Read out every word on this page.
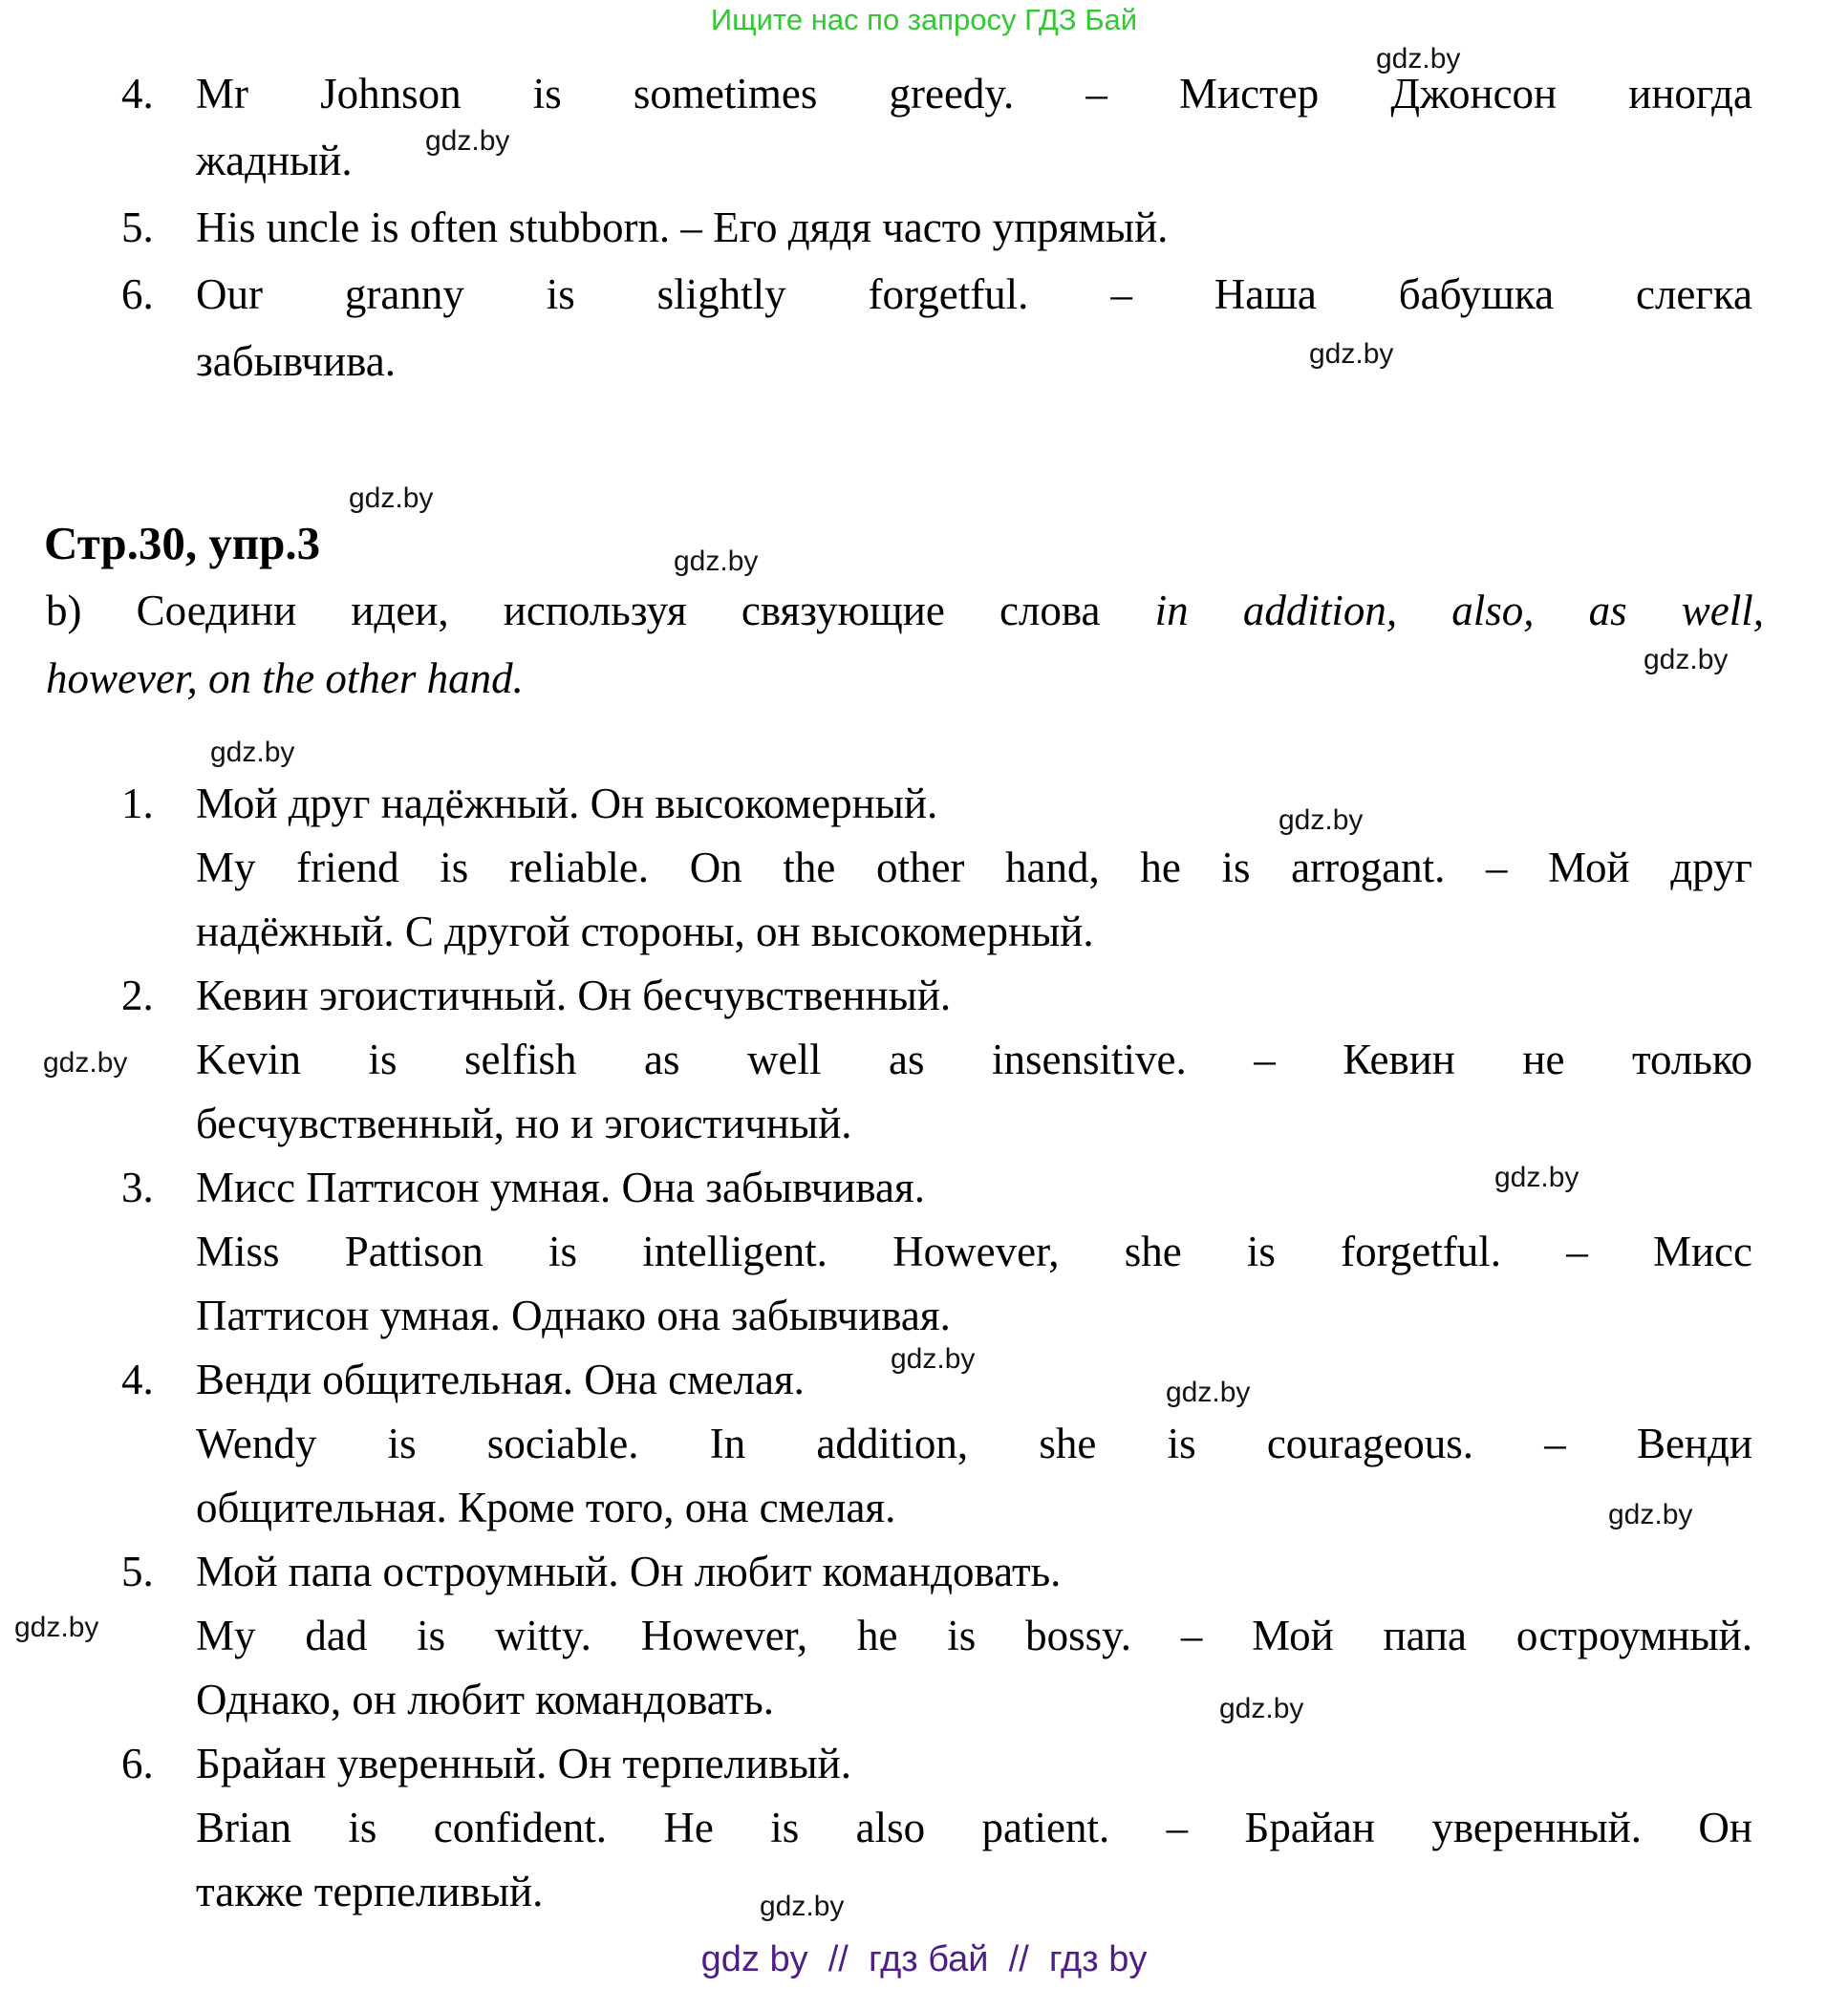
Ищите нас по запросу ГДЗ Бай
gdz.by
gdz.by
gdz.by
gdz.by
gdz.by
gdz.by
gdz.by
gdz.by
gdz.by
gdz.by
gdz.by
gdz.by
gdz.by
gdz.by
gdz.by
gdz.by
4. Mr Johnson is sometimes greedy. – Мистер Джонсон иногда
жадный.
5. His uncle is often stubborn. – Его дядя часто упрямый.
6. Our granny is slightly forgetful. – Наша бабушка слегка
забывчива.
Стр.30, упр.3
b) Соедини идеи, используя связующие слова in addition, also, as well,
however, on the other hand.
1. Мой друг надёжный. Он высокомерный.
My friend is reliable. On the other hand, he is arrogant. – Мой друг
надёжный. С другой стороны, он высокомерный.
2. Кевин эгоистичный. Он бесчувственный.
Kevin is selfish as well as insensitive. – Кевин не только
бесчувственный, но и эгоистичный.
3. Мисс Паттисон умная. Она забывчивая.
Miss Pattison is intelligent. However, she is forgetful. – Мисс
Паттисон умная. Однако она забывчивая.
4. Венди общительная. Она смелая.
Wendy is sociable. In addition, she is courageous. – Венди
общительная. Кроме того, она смелая.
5. Мой папа остроумный. Он любит командовать.
My dad is witty. However, he is bossy. – Мой папа остроумный.
Однако, он любит командовать.
6. Брайан уверенный. Он терпеливый.
Brian is confident. He is also patient. – Брайан уверенный. Он
также терпеливый.
gdz by  //  гдз бай  //  гдз by
